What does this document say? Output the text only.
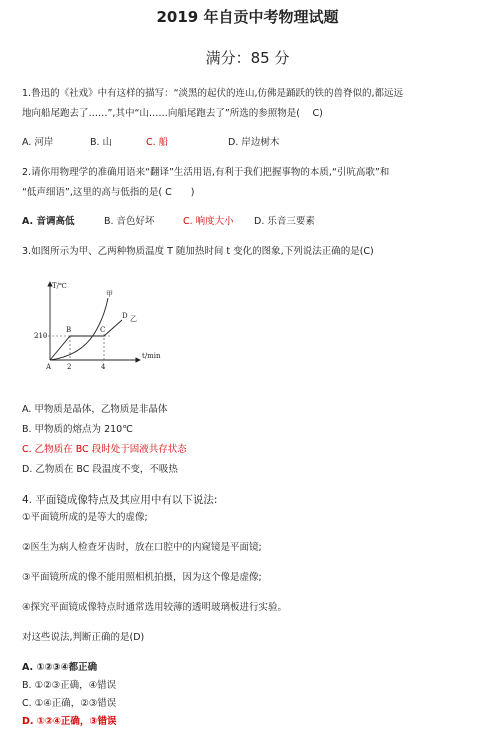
2019 年自贡中考物理试题
满分：85 分
1.鲁迅的《社戏》中有这样的描写：“淡黑的起伏的连山,仿佛是踊跃的铁的兽脊似的,都远远
地向船尾跑去了……”,其中“山……向船尾跑去了”所选的参照物是(　 C)
A. 河岸	B. 山	C. 船	D. 岸边树木
2.请你用物理学的准确用语来“翻译”生活用语,有利于我们把握事物的本质,“引吭高歌”和
“低声细语”,这里的高与低指的是( C　　)
A. 音调高低	B. 音色好坏	C. 响度大小 D. 乐音三要素
3.如图所示为甲、乙两种物质温度 T 随加热时间 t 变化的图象,下列说法正确的是(C)
T/℃
t/min
210
2	4
A
B	C
D
甲
乙
A. 甲物质是晶体，乙物质是非晶体
B. 甲物质的熔点为 210℃
C. 乙物质在 BC 段时处于固液共存状态
D. 乙物质在 BC 段温度不变，不吸热
4. 平面镜成像特点及其应用中有以下说法:
①平面镜所成的是等大的虚像;
②医生为病人检查牙齿时，放在口腔中的内窥镜是平面镜;
③平面镜所成的像不能用照相机拍摄，因为这个像是虚像;
④探究平面镜成像特点时通常选用较薄的透明玻璃板进行实验。
对这些说法,判断正确的是(D)
A. ①②③④都正确
B. ①②③正确，④错误
C. ①④正确，②③错误
D. ①②④正确，③错误
